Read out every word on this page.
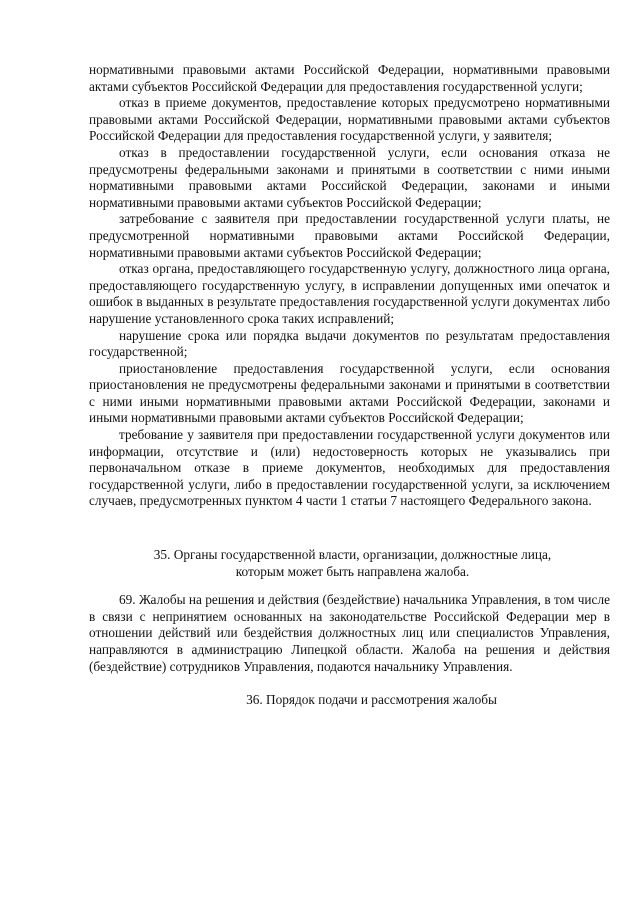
нормативными правовыми актами Российской Федерации, нормативными правовыми актами субъектов Российской Федерации для предоставления государственной услуги;

отказ в приеме документов, предоставление которых предусмотрено нормативными правовыми актами Российской Федерации, нормативными правовыми актами субъектов Российской Федерации для предоставления государственной услуги, у заявителя;

отказ в предоставлении государственной услуги, если основания отказа не предусмотрены федеральными законами и принятыми в соответствии с ними иными нормативными правовыми актами Российской Федерации, законами и иными нормативными правовыми актами субъектов Российской Федерации;

затребование с заявителя при предоставлении государственной услуги платы, не предусмотренной нормативными правовыми актами Российской Федерации, нормативными правовыми актами субъектов Российской Федерации;

отказ органа, предоставляющего государственную услугу, должностного лица органа, предоставляющего государственную услугу, в исправлении допущенных ими опечаток и ошибок в выданных в результате предоставления государственной услуги документах либо нарушение установленного срока таких исправлений;

нарушение срока или порядка выдачи документов по результатам предоставления государственной;

приостановление предоставления государственной услуги, если основания приостановления не предусмотрены федеральными законами и принятыми в соответствии с ними иными нормативными правовыми актами Российской Федерации, законами и иными нормативными правовыми актами субъектов Российской Федерации;

требование у заявителя при предоставлении государственной услуги документов или информации, отсутствие и (или) недостоверность которых не указывались при первоначальном отказе в приеме документов, необходимых для предоставления государственной услуги, либо в предоставлении государственной услуги, за исключением случаев, предусмотренных пунктом 4 части 1 статьи 7 настоящего Федерального закона.

35. Органы государственной власти, организации, должностные лица,

которым может быть направлена жалоба.

69. Жалобы на решения и действия (бездействие) начальника Управления, в том числе в связи с непринятием основанных на законодательстве Российской Федерации мер в отношении действий или бездействия должностных лиц или специалистов Управления, направляются в администрацию Липецкой области. Жалоба на решения и действия (бездействие) сотрудников Управления, подаются начальнику Управления.

36. Порядок подачи и рассмотрения жалобы
